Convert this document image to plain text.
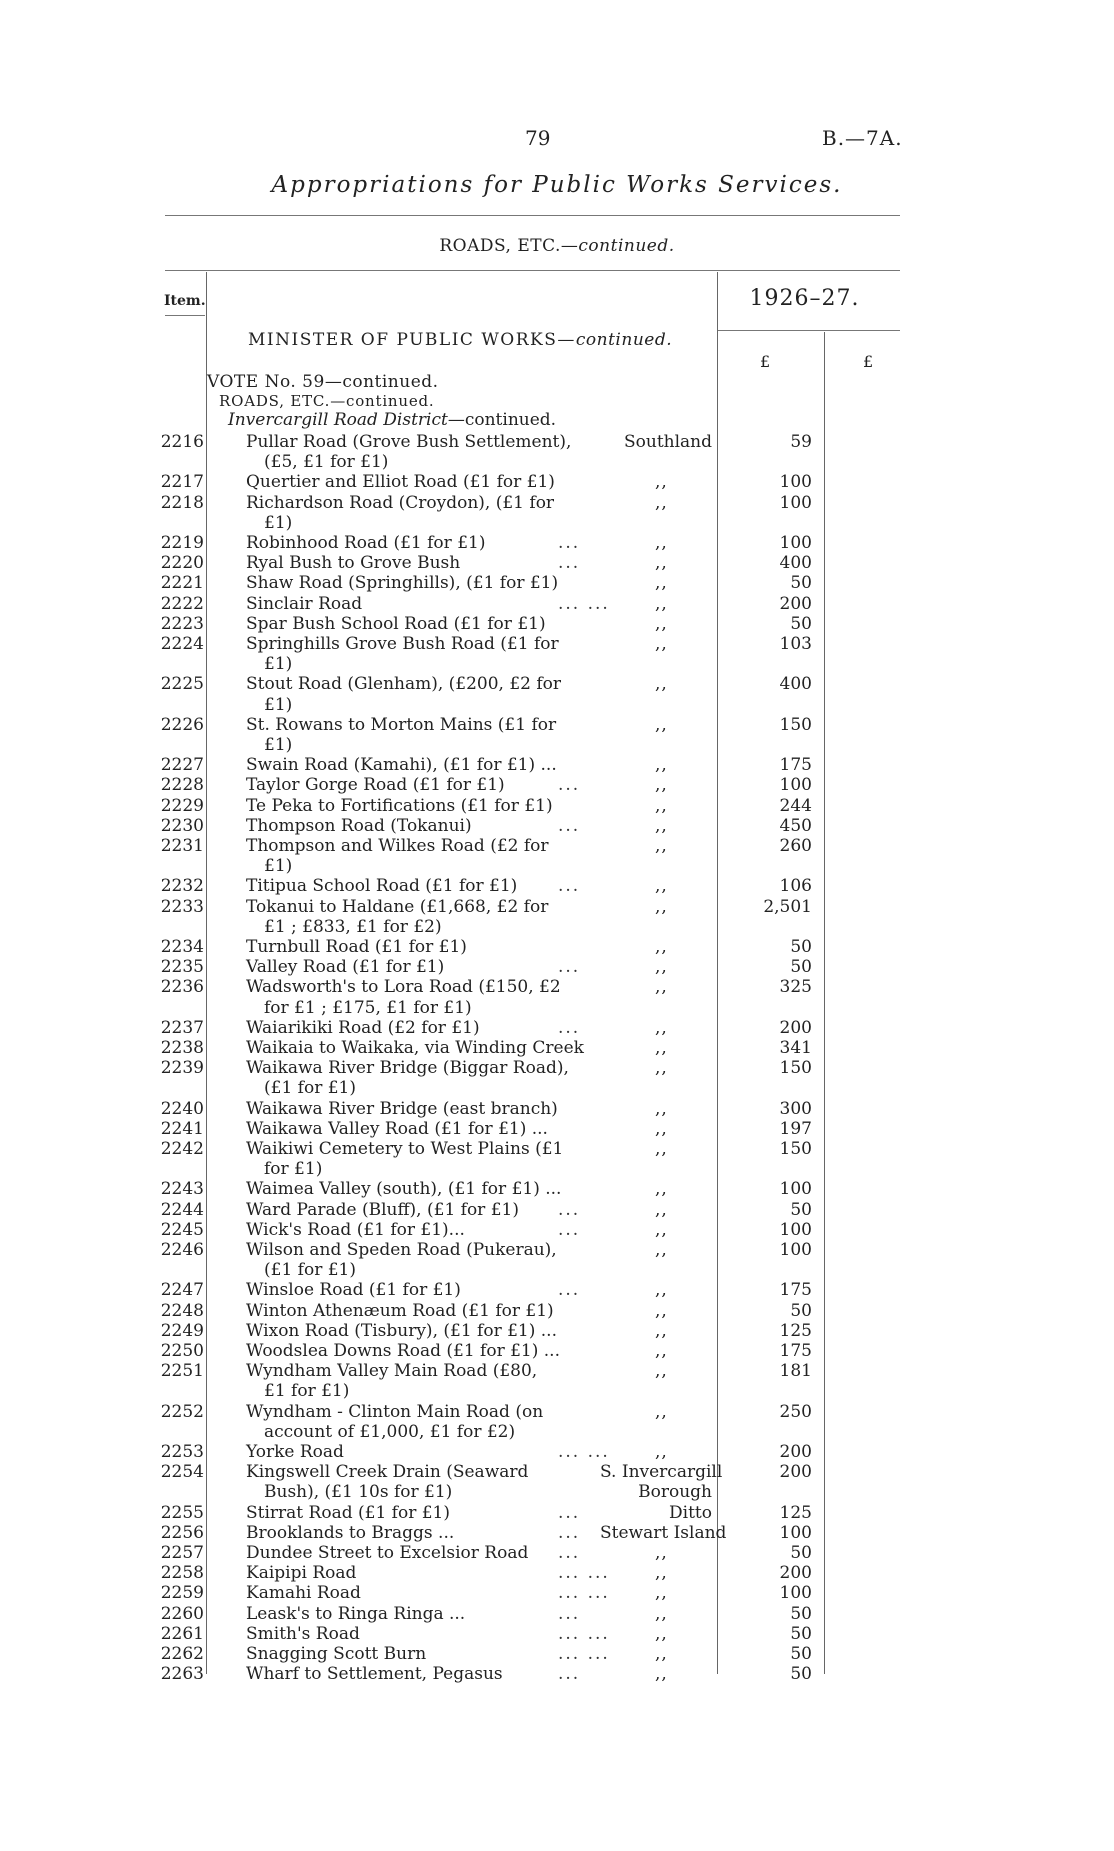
79	B.—7A.
Appropriations for Public Works Services.
ROADS, ETC.—continued.
Item.	1926–27.
£	£
MINISTER OF PUBLIC WORKS—continued.
VOTE No. 59—continued.
ROADS, ETC.—continued.
Invercargill Road District—continued.
2216 Pullar Road (Grove Bush Settlement),	Southland	59
(£5, £1 for £1)
2217 Quertier and Elliot Road (£1 for £1)	,,	100
2218 Richardson Road (Croydon), (£1 for	,,	100
£1)
2219 Robinhood Road (£1 for £1)	...	,,	100
2220 Ryal Bush to Grove Bush	...	,,	400
2221 Shaw Road (Springhills), (£1 for £1)	,,	50
2222 Sinclair Road	... ...	,,	200
2223 Spar Bush School Road (£1 for £1)	,,	50
2224 Springhills Grove Bush Road (£1 for	,,	103
£1)
2225 Stout Road (Glenham), (£200, £2 for	,,	400
£1)
2226 St. Rowans to Morton Mains (£1 for	,,	150
£1)
2227 Swain Road (Kamahi), (£1 for £1) ...	,,	175
2228 Taylor Gorge Road (£1 for £1)	...	,,	100
2229 Te Peka to Fortifications (£1 for £1)	,,	244
2230 Thompson Road (Tokanui)	...	,,	450
2231 Thompson and Wilkes Road (£2 for	,,	260
£1)
2232 Titipua School Road (£1 for £1) ...	,,	106
2233 Tokanui to Haldane (£1,668, £2 for	,,	2,501
£1 ; £833, £1 for £2)
2234 Turnbull Road (£1 for £1)	,,	50
2235 Valley Road (£1 for £1)	...	,,	50
2236 Wadsworth's to Lora Road (£150, £2	,,	325
for £1 ; £175, £1 for £1)
2237 Waiarikiki Road (£2 for £1)	...	,,	200
2238 Waikaia to Waikaka, via Winding Creek	,,	341
2239 Waikawa River Bridge (Biggar Road),	,,	150
(£1 for £1)
2240 Waikawa River Bridge (east branch)	,,	300
2241 Waikawa Valley Road (£1 for £1) ...	,,	197
2242 Waikiwi Cemetery to West Plains (£1	,,	150
for £1)
2243 Waimea Valley (south), (£1 for £1) ...	,,	100
2244 Ward Parade (Bluff), (£1 for £1) ...	,,	50
2245 Wick's Road (£1 for £1)...	...	,,	100
2246 Wilson and Speden Road (Pukerau),	,,	100
(£1 for £1)
2247 Winsloe Road (£1 for £1)	...	,,	175
2248 Winton Athenæum Road (£1 for £1)	,,	50
2249 Wixon Road (Tisbury), (£1 for £1) ...	,,	125
2250 Woodslea Downs Road (£1 for £1) ...	,,	175
2251 Wyndham Valley Main Road (£80,	,,	181
£1 for £1)
2252 Wyndham - Clinton Main Road (on	,,	250
account of £1,000, £1 for £2)
2253 Yorke Road	... ...	,,	200
2254 Kingswell Creek Drain (Seaward	S. Invercargill	200
Bush), (£1 10s for £1)	Borough
2255 Stirrat Road (£1 for £1)	...	Ditto	125
2256 Brooklands to Braggs ...	... Stewart Island	100
2257 Dundee Street to Excelsior Road ...	,,	50
2258 Kaipipi Road	... ...	,,	200
2259 Kamahi Road	... ...	,,	100
2260 Leask's to Ringa Ringa ...	...	,,	50
2261 Smith's Road	... ...	,,	50
2262 Snagging Scott Burn	... ...	,,	50
2263 Wharf to Settlement, Pegasus	...	,,	50
